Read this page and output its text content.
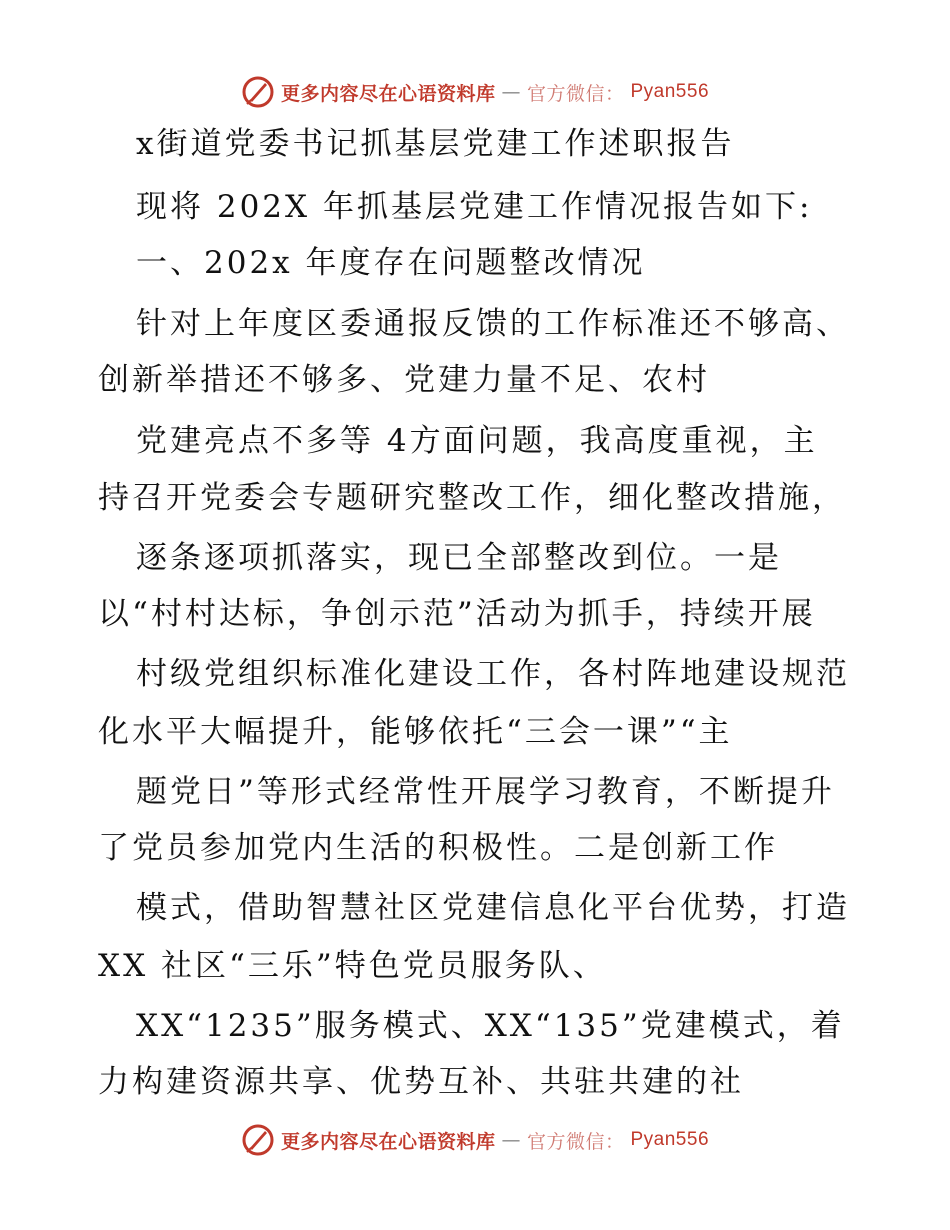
更多内容尽在心语资料库 — 官方微信： Pyan556
x街道党委书记抓基层党建工作述职报告
现将 202X 年抓基层党建工作情况报告如下:
一、202x 年度存在问题整改情况
针对上年度区委通报反馈的工作标准还不够高、
创新举措还不够多、党建力量不足、农村
党建亮点不多等 4方面问题，我高度重视，主
持召开党委会专题研究整改工作，细化整改措施，
逐条逐项抓落实，现已全部整改到位。一是
以“村村达标，争创示范”活动为抓手，持续开展
村级党组织标准化建设工作，各村阵地建设规范
化水平大幅提升，能够依托“三会一课”“主
题党日”等形式经常性开展学习教育，不断提升
了党员参加党内生活的积极性。二是创新工作
模式，借助智慧社区党建信息化平台优势，打造
XX 社区“三乐”特色党员服务队、
XX“1235”服务模式、XX“135”党建模式，着
力构建资源共享、优势互补、共驻共建的社
更多内容尽在心语资料库 — 官方微信： Pyan556
